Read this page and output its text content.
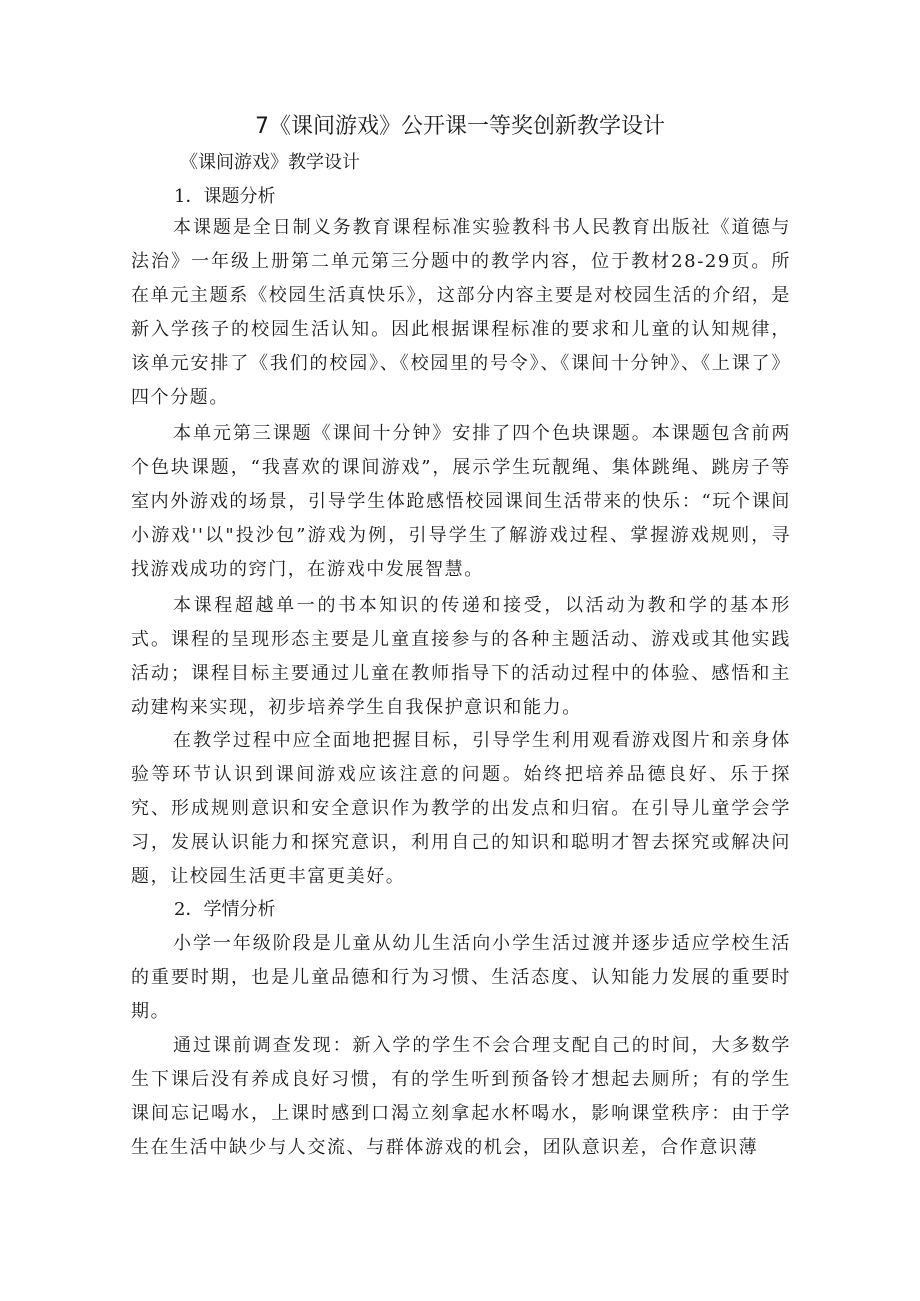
7《课间游戏》公开课一等奖创新教学设计
《课间游戏》教学设计
1．课题分析

本课题是全日制义务教育课程标准实验教科书人民教育出版社《道德与法治》一年级上册第二单元第三分题中的教学内容，位于教材28-29页。所在单元主题系《校园生活真快乐》，这部分内容主要是对校园生活的介绍，是新入学孩子的校园生活认知。因此根据课程标准的要求和儿童的认知规律，该单元安排了《我们的校园》、《校园里的号令》、《课间十分钟》、《上课了》四个分题。

本单元第三课题《课间十分钟》安排了四个色块课题。本课题包含前两个色块课题，“我喜欢的课间游戏”，展示学生玩靓绳、集体跳绳、跳房子等室内外游戏的场景，引导学生体跄感悟校园课间生活带来的快乐：“玩个课间小游戏''以"投沙包”游戏为例，引导学生了解游戏过程、掌握游戏规则，寻找游戏成功的窍门，在游戏中发展智慧。

本课程超越单一的书本知识的传递和接受，以活动为教和学的基本形式。课程的呈现形态主要是儿童直接参与的各种主题活动、游戏或其他实践活动；课程目标主要通过儿童在教师指导下的活动过程中的体验、感悟和主动建构来实现，初步培养学生自我保护意识和能力。

在教学过程中应全面地把握目标，引导学生利用观看游戏图片和亲身体验等环节认识到课间游戏应该注意的问题。始终把培养品德良好、乐于探究、形成规则意识和安全意识作为教学的出发点和归宿。在引导儿童学会学习，发展认识能力和探究意识，利用自己的知识和聪明才智去探究或解决问题，让校园生活更丰富更美好。

2．学情分析

小学一年级阶段是儿童从幼儿生活向小学生活过渡并逐步适应学校生活的重要时期，也是儿童品德和行为习惯、生活态度、认知能力发展的重要时期。

通过课前调查发现：新入学的学生不会合理支配自己的时间，大多数学生下课后没有养成良好习惯，有的学生听到预备铃才想起去厕所；有的学生课间忘记喝水，上课时感到口渴立刻拿起水杯喝水，影响课堂秩序：由于学生在生活中缺少与人交流、与群体游戏的机会，团队意识差，合作意识薄
